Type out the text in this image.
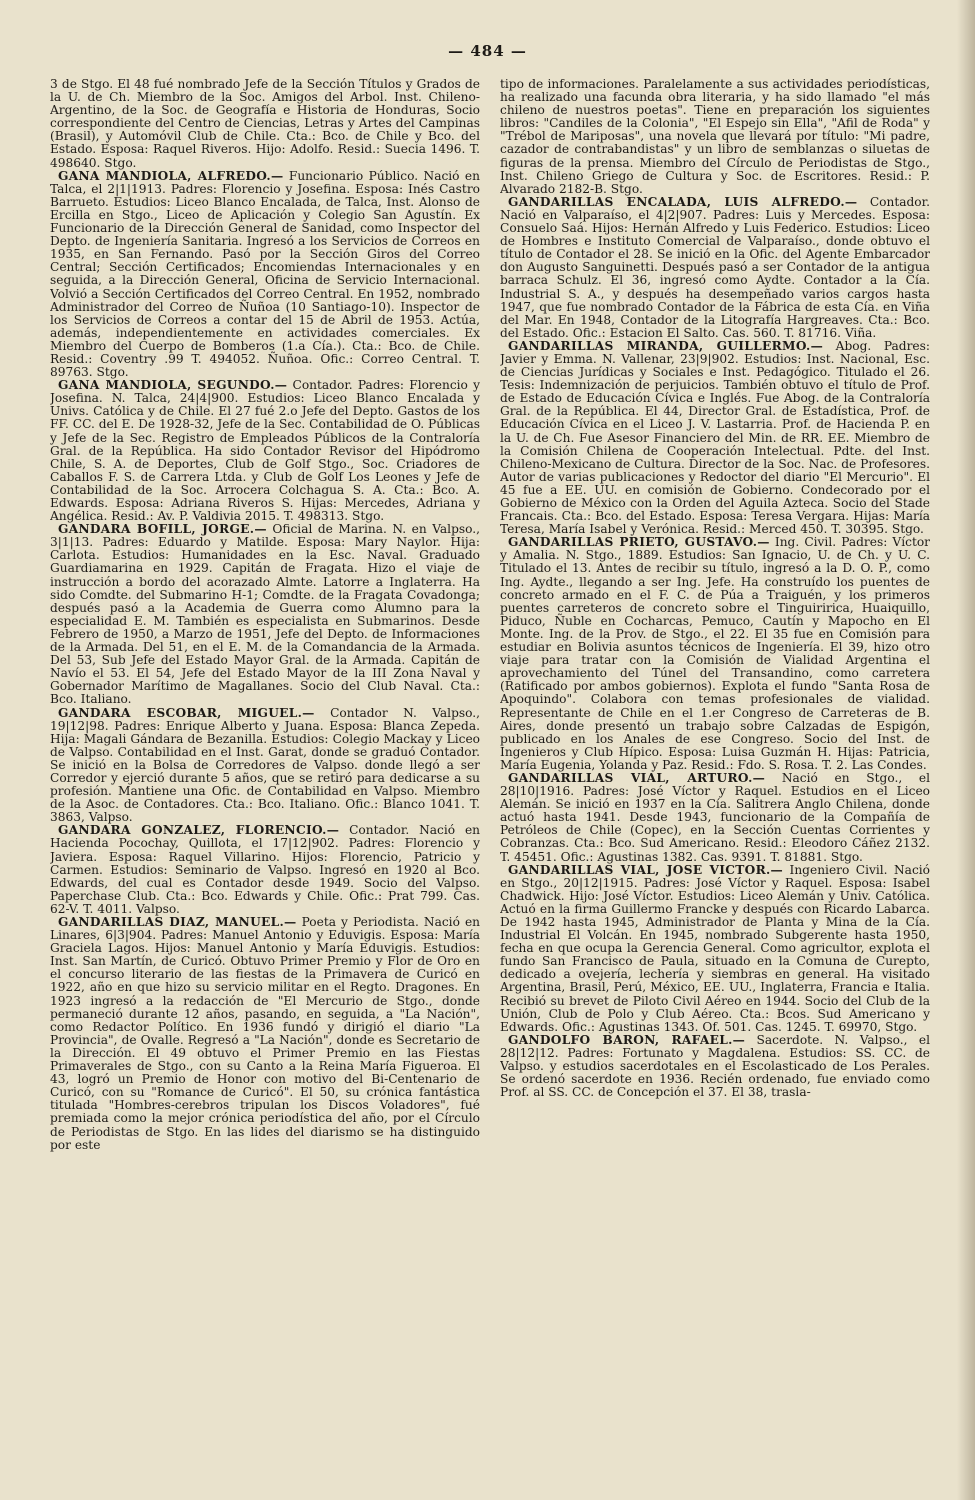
— 484 —

3 de Stgo. El 48 fué nombrado Jefe de la Sección Títulos y Grados de la U. de Ch. Miembro de la Soc. Amigos del Arbol. Inst. Chileno-Argentino, de la Soc. de Geografía e Historia de Honduras, Socio correspondiente del Centro de Ciencias, Letras y Artes del Campinas (Brasil), y Automóvil Club de Chile. Cta.: Bco. de Chile y Bco. del Estado. Esposa: Raquel Riveros. Hijo: Adolfo. Resid.: Suecia 1496. T. 498640. Stgo.

GANA MANDIOLA, ALFREDO.— Funcionario Público. Nació en Talca, el 2|1|1913. Padres: Florencio y Josefina. Esposa: Inés Castro Barrueto. Estudios: Liceo Blanco Encalada, de Talca, Inst. Alonso de Ercilla en Stgo., Liceo de Aplicación y Colegio San Agustín. Ex Funcionario de la Dirección General de Sanidad, como Inspector del Depto. de Ingeniería Sanitaria. Ingresó a los Servicios de Correos en 1935, en San Fernando. Pasó por la Sección Giros del Correo Central; Sección Certificados; Encomiendas Internacionales y en seguida, a la Dirección General, Oficina de Servicio Internacional. Volvió a Sección Certificados del Correo Central. En 1952, nombrado Administrador del Correo de Ñuñoa (10 Santiago-10). Inspector de los Servicios de Correos a contar del 15 de Abril de 1953. Actúa, además, independientemente en actividades comerciales. Ex Miembro del Cuerpo de Bomberos (1.a Cía.). Cta.: Bco. de Chile. Resid.: Coventry .99 T. 494052. Ñuñoa. Ofic.: Correo Central. T. 89763. Stgo.

GANA MANDIOLA, SEGUNDO.— Contador. Padres: Florencio y Josefina. N. Talca, 24|4|900. Estudios: Liceo Blanco Encalada y Univs. Católica y de Chile. El 27 fué 2.o Jefe del Depto. Gastos de los FF. CC. del E. De 1928-32, Jefe de la Sec. Contabilidad de O. Públicas y Jefe de la Sec. Registro de Empleados Públicos de la Contraloría Gral. de la República. Ha sido Contador Revisor del Hipódromo Chile, S. A. de Deportes, Club de Golf Stgo., Soc. Criadores de Caballos F. S. de Carrera Ltda. y Club de Golf Los Leones y Jefe de Contabilidad de la Soc. Arrocera Colchagua S. A. Cta.: Bco. A. Edwards. Esposa: Adriana Riveros S. Hijas: Mercedes, Adriana y Angélica. Resid.: Av. P. Valdivia 2015. T. 498313. Stgo.

GANDARA BOFILL, JORGE.— Oficial de Marina. N. en Valpso., 3|1|13. Padres: Eduardo y Matilde. Esposa: Mary Naylor. Hija: Carlota. Estudios: Humanidades en la Esc. Naval. Graduado Guardiamarina en 1929. Capitán de Fragata. Hizo el viaje de instrucción a bordo del acorazado Almte. Latorre a Inglaterra. Ha sido Comdte. del Submarino H-1; Comdte. de la Fragata Covadonga; después pasó a la Academia de Guerra como Alumno para la especialidad E. M. También es especialista en Submarinos. Desde Febrero de 1950, a Marzo de 1951, Jefe del Depto. de Informaciones de la Armada. Del 51, en el E. M. de la Comandancia de la Armada. Del 53, Sub Jefe del Estado Mayor Gral. de la Armada. Capitán de Navío el 53. El 54, Jefe del Estado Mayor de la III Zona Naval y Gobernador Marítimo de Magallanes. Socio del Club Naval. Cta.: Bco. Italiano.

GANDARA ESCOBAR, MIGUEL.— Contador N. Valpso., 19|12|98. Padres: Enrique Alberto y Juana. Esposa: Blanca Zepeda. Hija: Magali Gándara de Bezanilla. Estudios: Colegio Mackay y Liceo de Valpso. Contabilidad en el Inst. Garat, donde se graduó Contador. Se inició en la Bolsa de Corredores de Valpso. donde llegó a ser Corredor y ejerció durante 5 años, que se retiró para dedicarse a su profesión. Mantiene una Ofic. de Contabilidad en Valpso. Miembro de la Asoc. de Contadores. Cta.: Bco. Italiano. Ofic.: Blanco 1041. T. 3863, Valpso.

GANDARA GONZALEZ, FLORENCIO.— Contador. Nació en Hacienda Pocochay, Quillota, el 17|12|902. Padres: Florencio y Javiera. Esposa: Raquel Villarino. Hijos: Florencio, Patricio y Carmen. Estudios: Seminario de Valpso. Ingresó en 1920 al Bco. Edwards, del cual es Contador desde 1949. Socio del Valpso. Paperchase Club. Cta.: Bco. Edwards y Chile. Ofic.: Prat 799. Cas. 62-V. T. 4011. Valpso.

GANDARILLAS DIAZ, MANUEL.— Poeta y Periodista. Nació en Linares, 6|3|904. Padres: Manuel Antonio y Eduvigis. Esposa: María Graciela Lagos. Hijos: Manuel Antonio y María Eduvigis. Estudios: Inst. San Martín, de Curicó. Obtuvo Primer Premio y Flor de Oro en el concurso literario de las fiestas de la Primavera de Curicó en 1922, año en que hizo su servicio militar en el Regto. Dragones. En 1923 ingresó a la redacción de "El Mercurio de Stgo., donde permaneció durante 12 años, pasando, en seguida, a "La Nación", como Redactor Político. En 1936 fundó y dirigió el diario "La Provincia", de Ovalle. Regresó a "La Nación", donde es Secretario de la Dirección. El 49 obtuvo el Primer Premio en las Fiestas Primaverales de Stgo., con su Canto a la Reina María Figueroa. El 43, logró un Premio de Honor con motivo del Bi-Centenario de Curicó, con su "Romance de Curicó". El 50, su crónica fantástica titulada "Hombres-cerebros tripulan los Discos Voladores", fué premiada como la mejor crónica periodística del año, por el Círculo de Periodistas de Stgo. En las lides del diarismo se ha distinguido por este

tipo de informaciones. Paralelamente a sus actividades periodísticas, ha realizado una facunda obra literaria, y ha sido llamado "el más chileno de nuestros poetas". Tiene en preparación los siguientes libros: "Candiles de la Colonia", "El Espejo sin Ella", "Afil de Roda" y "Trébol de Mariposas", una novela que llevará por título: "Mi padre, cazador de contrabandistas" y un libro de semblanzas o siluetas de figuras de la prensa. Miembro del Círculo de Periodistas de Stgo., Inst. Chileno Griego de Cultura y Soc. de Escritores. Resid.: P. Alvarado 2182-B. Stgo.

GANDARILLAS ENCALADA, LUIS ALFREDO.— Contador. Nació en Valparaíso, el 4|2|907. Padres: Luis y Mercedes. Esposa: Consuelo Saá. Hijos: Hernán Alfredo y Luis Federico. Estudios: Liceo de Hombres e Instituto Comercial de Valparaíso., donde obtuvo el título de Contador el 28. Se inició en la Ofic. del Agente Embarcador don Augusto Sanguinetti. Después pasó a ser Contador de la antigua barraca Schulz. El 36, ingresó como Aydte. Contador a la Cía. Industrial S. A., y después ha desempeñado varios cargos hasta 1947, que fue nombrado Contador de la Fábrica de esta Cía. en Viña del Mar. En 1948, Contador de la Litografía Hargreaves. Cta.: Bco. del Estado. Ofic.: Estacion El Salto. Cas. 560. T. 81716. Viña.

GANDARILLAS MIRANDA, GUILLERMO.— Abog. Padres: Javier y Emma. N. Vallenar, 23|9|902. Estudios: Inst. Nacional, Esc. de Ciencias Jurídicas y Sociales e Inst. Pedagógico. Titulado el 26. Tesis: Indemnización de perjuicios. También obtuvo el título de Prof. de Estado de Educación Cívica e Inglés. Fue Abog. de la Contraloría Gral. de la República. El 44, Director Gral. de Estadística, Prof. de Educación Cívica en el Liceo J. V. Lastarria. Prof. de Hacienda P. en la U. de Ch. Fue Asesor Financiero del Min. de RR. EE. Miembro de la Comisión Chilena de Cooperación Intelectual. Pdte. del Inst. Chileno-Mexicano de Cultura. Director de la Soc. Nac. de Profesores. Autor de varias publicaciones y Redoctor del diario "El Mercurio". El 45 fue a EE. UU. en comisión de Gobierno. Condecorado por el Gobierno de México con la Orden del Aguila Azteca. Socio del Stade Francais. Cta.: Bco. del Estado. Esposa: Teresa Vergara. Hijas: María Teresa, María Isabel y Verónica. Resid.: Merced 450. T. 30395. Stgo.

GANDARILLAS PRIETO, GUSTAVO.— Ing. Civil. Padres: Víctor y Amalia. N. Stgo., 1889. Estudios: San Ignacio, U. de Ch. y U. C. Titulado el 13. Antes de recibir su título, ingresó a la D. O. P., como Ing. Aydte., llegando a ser Ing. Jefe. Ha construído los puentes de concreto armado en el F. C. de Púa a Traiguén, y los primeros puentes carreteros de concreto sobre el Tinguiririca, Huaiquillo, Piduco, Ñuble en Cocharcas, Pemuco, Cautín y Mapocho en El Monte. Ing. de la Prov. de Stgo., el 22. El 35 fue en Comisión para estudiar en Bolivia asuntos técnicos de Ingeniería. El 39, hizo otro viaje para tratar con la Comisión de Vialidad Argentina el aprovechamiento del Túnel del Transandino, como carretera (Ratificado por ambos gobiernos). Explota el fundo "Santa Rosa de Apoquindo". Colabora con temas profesionales de vialidad. Representante de Chile en el 1.er Congreso de Carreteras de B. Aires, donde presentó un trabajo sobre Calzadas de Espigón, publicado en los Anales de ese Congreso. Socio del Inst. de Ingenieros y Club Hípico. Esposa: Luisa Guzmán H. Hijas: Patricia, María Eugenia, Yolanda y Paz. Resid.: Fdo. S. Rosa. T. 2. Las Condes.

GANDARILLAS VIAL, ARTURO.— Nació en Stgo., el 28|10|1916. Padres: José Víctor y Raquel. Estudios en el Liceo Alemán. Se inició en 1937 en la Cía. Salitrera Anglo Chilena, donde actuó hasta 1941. Desde 1943, funcionario de la Compañía de Petróleos de Chile (Copec), en la Sección Cuentas Corrientes y Cobranzas. Cta.: Bco. Sud Americano. Resid.: Eleodoro Cáñez 2132. T. 45451. Ofic.: Agustinas 1382. Cas. 9391. T. 81881. Stgo.

GANDARILLAS VIAL, JOSE VICTOR.— Ingeniero Civil. Nació en Stgo., 20|12|1915. Padres: José Víctor y Raquel. Esposa: Isabel Chadwick. Hijo: José Víctor. Estudios: Liceo Alemán y Univ. Católica. Actuó en la firma Guillermo Francke y después con Ricardo Labarca. De 1942 hasta 1945, Administrador de Planta y Mina de la Cía. Industrial El Volcán. En 1945, nombrado Subgerente hasta 1950, fecha en que ocupa la Gerencia General. Como agricultor, explota el fundo San Francisco de Paula, situado en la Comuna de Curepto, dedicado a ovejería, lechería y siembras en general. Ha visitado Argentina, Brasil, Perú, México, EE. UU., Inglaterra, Francia e Italia. Recibió su brevet de Piloto Civil Aéreo en 1944. Socio del Club de la Unión, Club de Polo y Club Aéreo. Cta.: Bcos. Sud Americano y Edwards. Ofic.: Agustinas 1343. Of. 501. Cas. 1245. T. 69970, Stgo.

GANDOLFO BARON, RAFAEL.— Sacerdote. N. Valpso., el 28|12|12. Padres: Fortunato y Magdalena. Estudios: SS. CC. de Valpso. y estudios sacerdotales en el Escolasticado de Los Perales. Se ordenó sacerdote en 1936. Recién ordenado, fue enviado como Prof. al SS. CC. de Concepción el 37. El 38, trasla-
